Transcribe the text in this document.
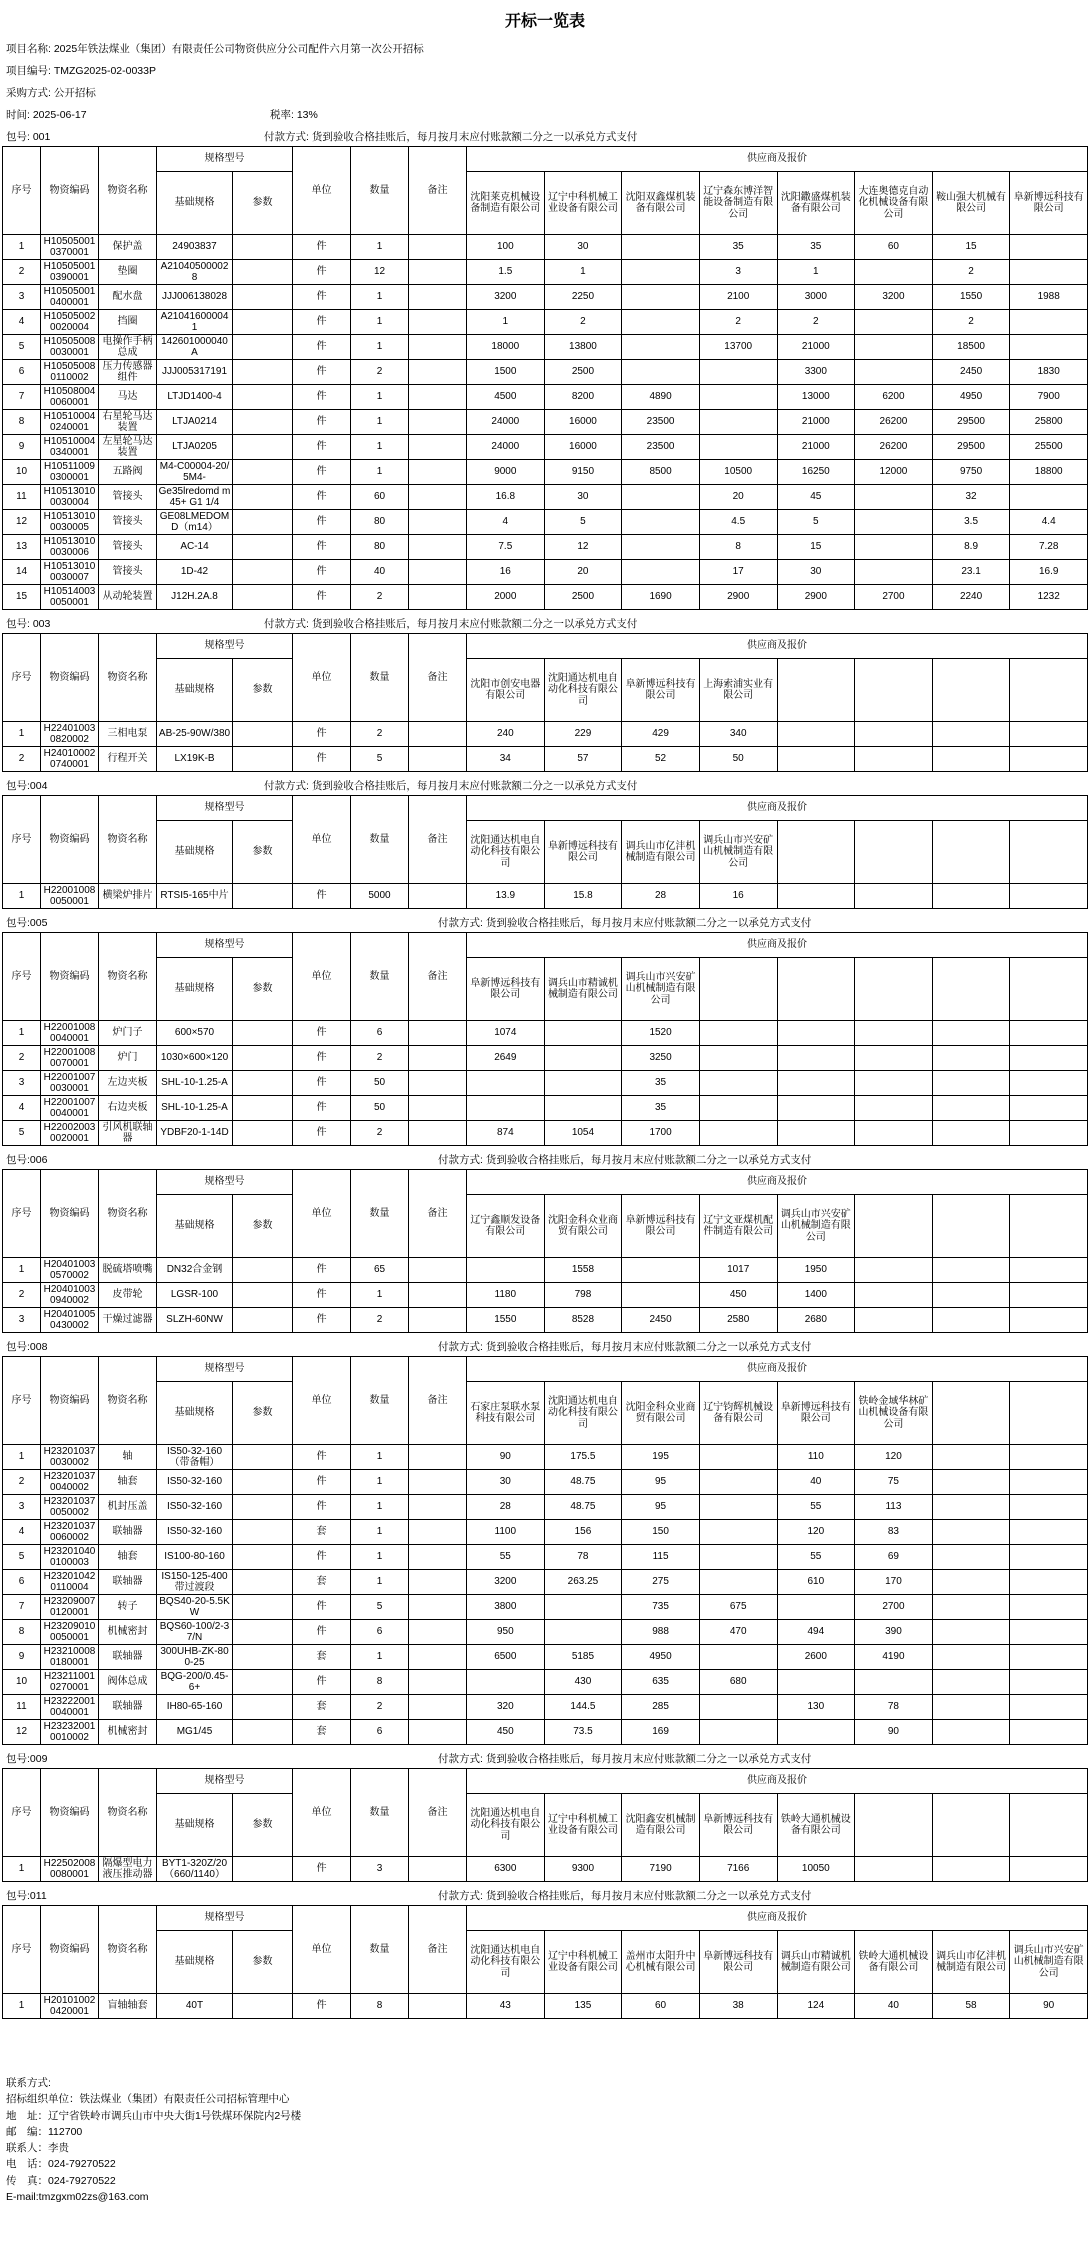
开标一览表
项目名称: 2025年铁法煤业（集团）有限责任公司物资供应分公司配件六月第一次公开招标
项目编号: TMZG2025-02-0033P
采购方式: 公开招标
时间: 2025-06-17	税率: 13%
包号: 001	付款方式: 货到验收合格挂账后，每月按月末应付账款额二分之一以承兑方式支付
序号	物资编码	物资名称	规格型号		单位	数量	备注	供应商及报价							
			基础规格	参数				沈阳莱克机械设备制造有限公司	辽宁中科机械工业设备有限公司	沈阳双鑫煤机装备有限公司	辽宁森东博洋智能设备制造有限公司	沈阳鏾盛煤机装备有限公司	大连奥德克自动化机械设备有限公司	鞍山强大机械有限公司	阜新博远科技有限公司
1	H105050010370001	保护盖	24903837		件	1		100	30		35	35	60	15	
2	H105050010390001	垫圈	A210405000028		件	12		1.5	1		3	1		2	
3	H105050010400001	配水盘	JJJ006138028		件	1		3200	2250		2100	3000	3200	1550	1988
4	H105050020020004	挡圈	A210416000041		件	1		1	2		2	2		2	
5	H105050080030001	电操作手柄总成	142601000040A		件	1		18000	13800		13700	21000		18500	
6	H105050080110002	压力传感器组件	JJJ005317191		件	2		1500	2500			3300		2450	1830
7	H105080040060001	马达	LTJD1400-4		件	1		4500	8200	4890		13000	6200	4950	7900
8	H105100040240001	右星轮马达装置	LTJA0214		件	1		24000	16000	23500		21000	26200	29500	25800
9	H105100040340001	左星轮马达装置	LTJA0205		件	1		24000	16000	23500		21000	26200	29500	25500
10	H105110090300001	五路阀	M4-C00004-20/5M4-		件	1		9000	9150	8500	10500	16250	12000	9750	18800
11	H105130100030004	管接头	Ge35lredomd m45+ G1 1/4		件	60		16.8	30		20	45		32	
12	H105130100030005	管接头	GE08LMEDOMD（m14）		件	80		4	5		4.5	5		3.5	4.4
13	H105130100030006	管接头	AC-14		件	80		7.5	12		8	15		8.9	7.28
14	H105130100030007	管接头	1D-42		件	40		16	20		17	30		23.1	16.9
15	H105140030050001	从动轮装置	J12H.2A.8		件	2		2000	2500	1690	2900	2900	2700	2240	1232
包号: 003	付款方式: 货到验收合格挂账后，每月按月末应付账款额二分之一以承兑方式支付
序号	物资编码	物资名称	规格型号		单位	数量	备注	供应商及报价							
			基础规格	参数				沈阳市创安电器有限公司	沈阳通达机电自动化科技有限公司	阜新博远科技有限公司	上海索浦实业有限公司				
1	H224010030820002	三相电泵	AB-25-90W/380		件	2		240	229	429	340				
2	H240100020740001	行程开关	LX19K-B		件	5		34	57	52	50				
包号:004	付款方式: 货到验收合格挂账后，每月按月末应付账款额二分之一以承兑方式支付
序号	物资编码	物资名称	规格型号		单位	数量	备注	供应商及报价							
			基础规格	参数				沈阳通达机电自动化科技有限公司	阜新博远科技有限公司	调兵山市亿沣机械制造有限公司	调兵山市兴安矿山机械制造有限公司				
1	H220010080050001	横梁炉排片	RTSI5-165中片		件	5000		13.9	15.8	28	16				
包号:005	付款方式: 货到验收合格挂账后，每月按月末应付账款额二分之一以承兑方式支付
序号	物资编码	物资名称	规格型号		单位	数量	备注	供应商及报价							
			基础规格	参数				阜新博远科技有限公司	调兵山市精诚机械制造有限公司	调兵山市兴安矿山机械制造有限公司					
1	H220010080040001	炉门子	600×570		件	6		1074		1520					
2	H220010080070001	炉门	1030×600×120		件	2		2649		3250					
3	H220010070030001	左边夹板	SHL-10-1.25-A		件	50				35					
4	H220010070040001	右边夹板	SHL-10-1.25-A		件	50				35					
5	H220020030020001	引风机联轴器	YDBF20-1-14D		件	2		874	1054	1700					
包号:006	付款方式: 货到验收合格挂账后，每月按月末应付账款额二分之一以承兑方式支付
序号	物资编码	物资名称	规格型号		单位	数量	备注	供应商及报价							
			基础规格	参数				辽宁鑫顺发设备有限公司	沈阳金科众业商贸有限公司	阜新博远科技有限公司	辽宁文亚煤机配件制造有限公司	调兵山市兴安矿山机械制造有限公司			
1	H204010030570002	脱硫塔喷嘴	DN32合金钢		件	65			1558		1017	1950			
2	H204010030940002	皮带轮	LGSR-100		件	1		1180	798		450	1400			
3	H204010050430002	干燥过滤器	SLZH-60NW		件	2		1550	8528	2450	2580	2680			
包号:008	付款方式: 货到验收合格挂账后，每月按月末应付账款额二分之一以承兑方式支付
序号	物资编码	物资名称	规格型号		单位	数量	备注	供应商及报价							
			基础规格	参数				石家庄泵联水泵科技有限公司	沈阳通达机电自动化科技有限公司	沈阳金科众业商贸有限公司	辽宁钧辉机械设备有限公司	阜新博远科技有限公司	铁岭金域华林矿山机械设备有限公司		
1	H232010370030002	轴	IS50-32-160（带备帽）		件	1		90	175.5	195		110	120		
2	H232010370040002	轴套	IS50-32-160		件	1		30	48.75	95		40	75		
3	H232010370050002	机封压盖	IS50-32-160		件	1		28	48.75	95		55	113		
4	H232010370060002	联轴器	IS50-32-160		套	1		1100	156	150		120	83		
5	H232010400100003	轴套	IS100-80-160		件	1		55	78	115		55	69		
6	H232010420110004	联轴器	IS150-125-400带过渡段		套	1		3200	263.25	275		610	170		
7	H232090070120001	转子	BQS40-20-5.5KW		件	5		3800		735	675		2700		
8	H232090100050001	机械密封	BQS60-100/2-37/N		件	6		950		988	470	494	390		
9	H232100080180001	联轴器	300UHB-ZK-800-25		套	1		6500	5185	4950		2600	4190		
10	H232110010270001	阀体总成	BQG-200/0.45-6+		件	8			430	635	680				
11	H232220010040001	联轴器	IH80-65-160		套	2		320	144.5	285		130	78		
12	H232320010010002	机械密封	MG1/45		套	6		450	73.5	169			90		
包号:009	付款方式: 货到验收合格挂账后，每月按月末应付账款额二分之一以承兑方式支付
序号	物资编码	物资名称	规格型号		单位	数量	备注	供应商及报价							
			基础规格	参数				沈阳通达机电自动化科技有限公司	辽宁中科机械工业设备有限公司	沈阳鑫安机械制造有限公司	阜新博远科技有限公司	铁岭大通机械设备有限公司			
1	H225020080080001	隔爆型电力液压推动器	BYT1-320Z/20（660/1140）		件	3		6300	9300	7190	7166	10050			
包号:011	付款方式: 货到验收合格挂账后，每月按月末应付账款额二分之一以承兑方式支付
序号	物资编码	物资名称	规格型号		单位	数量	备注	供应商及报价							
			基础规格	参数				沈阳通达机电自动化科技有限公司	辽宁中科机械工业设备有限公司	盖州市太阳升中心机械有限公司	阜新博远科技有限公司	调兵山市精诚机械制造有限公司	铁岭大通机械设备有限公司	调兵山市亿沣机械制造有限公司	调兵山市兴安矿山机械制造有限公司
1	H201010020420001	盲轴轴套	40T		件	8		43	135	60	38	124	40	58	90
联系方式:
招标组织单位：铁法煤业（集团）有限责任公司招标管理中心
地　址：辽宁省铁岭市调兵山市中央大街1号铁煤环保院内2号楼
邮　编：112700
联系人：李贵
电　话：024-79270522
传　真：024-79270522
E-mail:tmzgxm02zs@163.com
